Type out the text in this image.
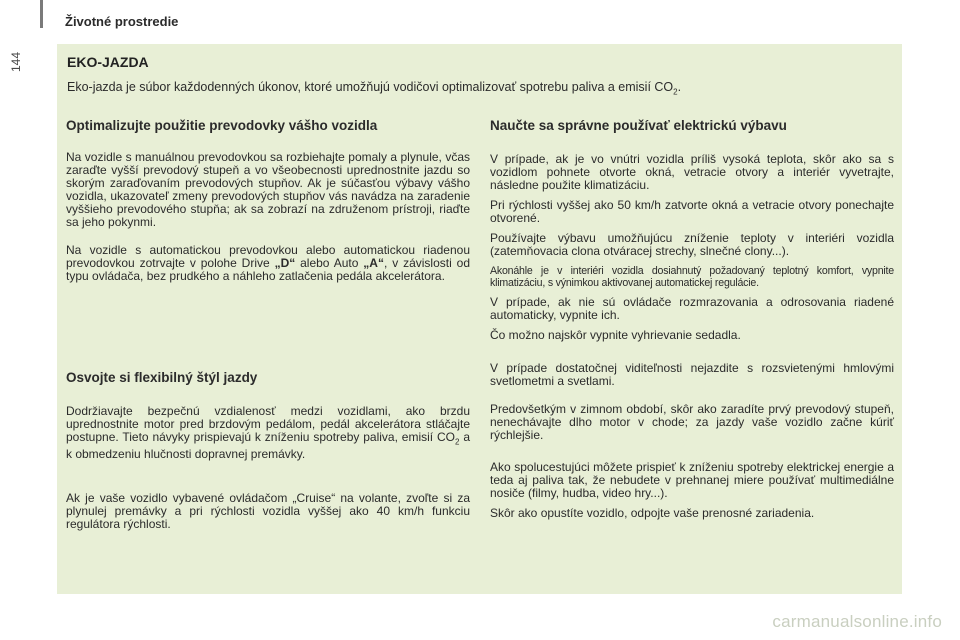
144
Životné prostredie
EKO-JAZDA
Eko-jazda je súbor každodenných úkonov, ktoré umožňujú vodičovi optimalizovať spotrebu paliva a emisií $CO_2$.
Optimalizujte použitie prevodovky vášho vozidla

Na vozidle s manuálnou prevodovkou sa rozbiehajte pomaly a plynule, včas zaraďte vyšší prevodový stupeň a vo všeobecnosti uprednostnite jazdu so skorým zaraďovaním prevodových stupňov. Ak je súčasťou výbavy vášho vozidla, ukazovateľ zmeny prevodových stupňov vás navádza na zaradenie vyššieho prevodového stupňa; ak sa zobrazí na združenom prístroji, riaďte sa jeho pokynmi.

Na vozidle s automatickou prevodovkou alebo automatickou riadenou prevodovkou zotrvajte v polohe Drive „D“ alebo Auto „A“, v závislosti od typu ovládača, bez prudkého a náhleho zatlačenia pedála akcelerátora.

Osvojte si flexibilný štýl jazdy

Dodržiavajte bezpečnú vzdialenosť medzi vozidlami, ako brzdu uprednostnite motor pred brzdovým pedálom, pedál akcelerátora stláčajte postupne. Tieto návyky prispievajú k zníženiu spotreby paliva, emisií $CO_2$ a k obmedzeniu hlučnosti dopravnej premávky.

Ak je vaše vozidlo vybavené ovládačom „Cruise“ na volante, zvoľte si za plynulej premávky a pri rýchlosti vozidla vyššej ako 40 km/h funkciu regulátora rýchlosti.

Naučte sa správne používať elektrickú výbavu

V prípade, ak je vo vnútri vozidla príliš vysoká teplota, skôr ako sa s vozidlom pohnete otvorte okná, vetracie otvory a interiér vyvetrajte, následne použite klimatizáciu.

Pri rýchlosti vyššej ako 50 km/h zatvorte okná a vetracie otvory ponechajte otvorené.

Používajte výbavu umožňujúcu zníženie teploty v interiéri vozidla (zatemňovacia clona otváracej strechy, slnečné clony...).

Akonáhle je v interiéri vozidla dosiahnutý požadovaný teplotný komfort, vypnite klimatizáciu, s výnimkou aktivovanej automatickej regulácie.

V prípade, ak nie sú ovládače rozmrazovania a odrosovania riadené automaticky, vypnite ich.

Čo možno najskôr vypnite vyhrievanie sedadla.

V prípade dostatočnej viditeľnosti nejazdite s rozsvietenými hmlovými svetlometmi a svetlami.

Predovšetkým v zimnom období, skôr ako zaradíte prvý prevodový stupeň, nenechávajte dlho motor v chode; za jazdy vaše vozidlo začne kúriť rýchlejšie.

Ako spolucestujúci môžete prispieť k zníženiu spotreby elektrickej energie a teda aj paliva tak, že nebudete v prehnanej miere používať multimediálne nosiče (filmy, hudba, video hry...).

Skôr ako opustíte vozidlo, odpojte vaše prenosné zariadenia.

carmanualsonline.info
